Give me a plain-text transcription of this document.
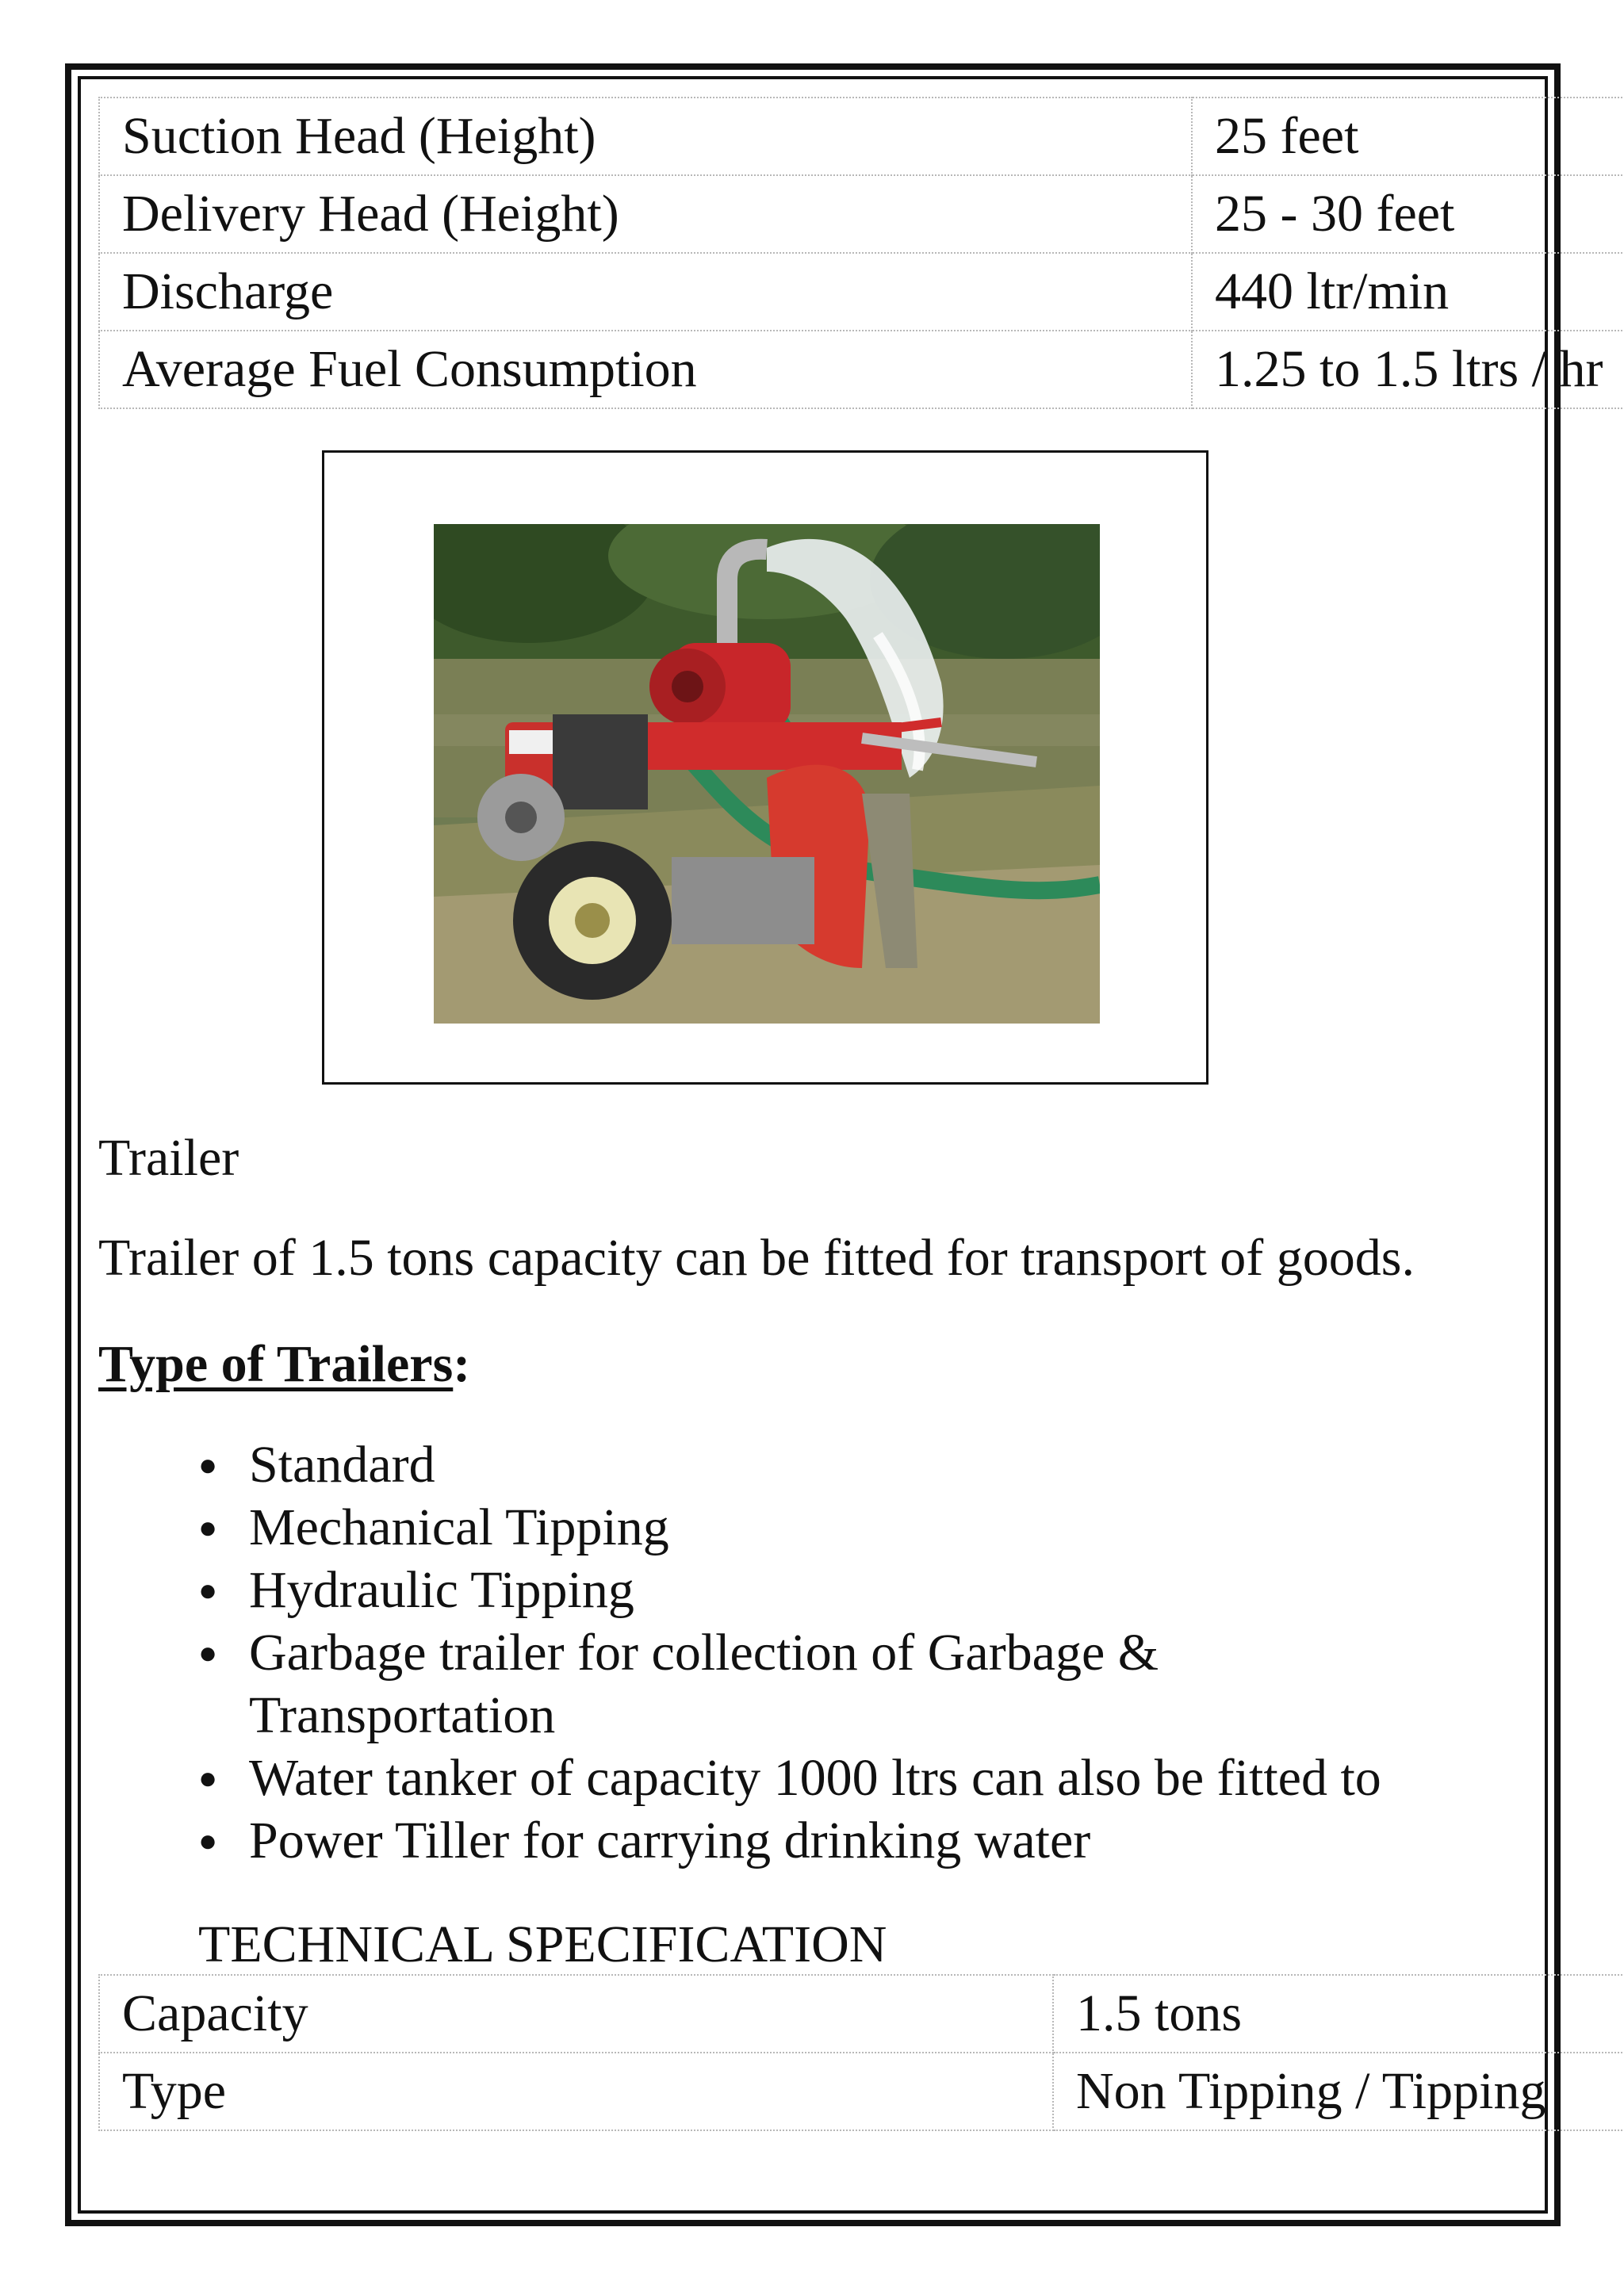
Suction Head (Height)	25 feet
Delivery Head (Height)	25 - 30 feet
Discharge	440 ltr/min
Average Fuel Consumption	1.25 to 1.5 ltrs / hr
Trailer
Trailer of 1.5 tons capacity can be fitted for transport of goods.
Type of Trailers:
● Standard
● Mechanical Tipping
● Hydraulic Tipping
● Garbage trailer for collection of Garbage &
Transportation
● Water tanker of capacity 1000 ltrs can also be fitted to
● Power Tiller for carrying drinking water
TECHNICAL SPECIFICATION
Capacity	1.5 tons
Type	Non Tipping / Tipping
